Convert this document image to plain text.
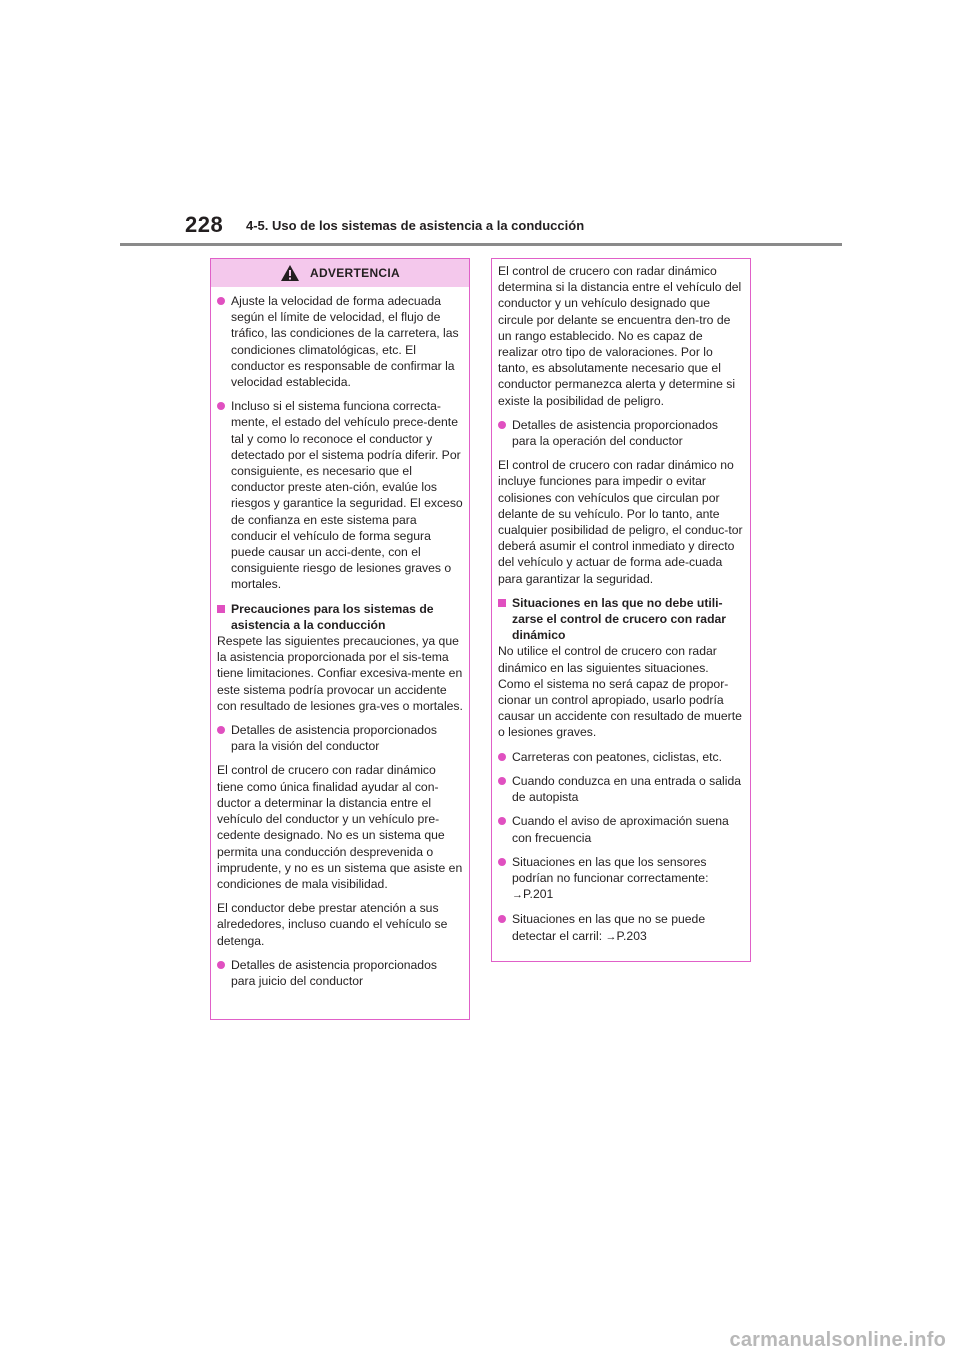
228 4-5. Uso de los sistemas de asistencia a la conducción
ADVERTENCIA
Ajuste la velocidad de forma adecuada según el límite de velocidad, el flujo de tráfico, las condiciones de la carretera, las condiciones climatológicas, etc. El conductor es responsable de confirmar la velocidad establecida.
Incluso si el sistema funciona correcta-mente, el estado del vehículo prece-dente tal y como lo reconoce el conductor y detectado por el sistema podría diferir. Por consiguiente, es necesario que el conductor preste aten-ción, evalúe los riesgos y garantice la seguridad. El exceso de confianza en este sistema para conducir el vehículo de forma segura puede causar un acci-dente, con el consiguiente riesgo de lesiones graves o mortales.
Precauciones para los sistemas de asistencia a la conducción
Respete las siguientes precauciones, ya que la asistencia proporcionada por el sis-tema tiene limitaciones. Confiar excesiva-mente en este sistema podría provocar un accidente con resultado de lesiones gra-ves o mortales.
Detalles de asistencia proporcionados para la visión del conductor
El control de crucero con radar dinámico tiene como única finalidad ayudar al con-ductor a determinar la distancia entre el vehículo del conductor y un vehículo pre-cedente designado. No es un sistema que permita una conducción desprevenida o imprudente, y no es un sistema que asiste en condiciones de mala visibilidad.
El conductor debe prestar atención a sus alrededores, incluso cuando el vehículo se detenga.
Detalles de asistencia proporcionados para juicio del conductor
El control de crucero con radar dinámico determina si la distancia entre el vehículo del conductor y un vehículo designado que circule por delante se encuentra den-tro de un rango establecido. No es capaz de realizar otro tipo de valoraciones. Por lo tanto, es absolutamente necesario que el conductor permanezca alerta y determine si existe la posibilidad de peligro.
Detalles de asistencia proporcionados para la operación del conductor
El control de crucero con radar dinámico no incluye funciones para impedir o evitar colisiones con vehículos que circulan por delante de su vehículo. Por lo tanto, ante cualquier posibilidad de peligro, el conduc-tor deberá asumir el control inmediato y directo del vehículo y actuar de forma ade-cuada para garantizar la seguridad.
Situaciones en las que no debe utili-zarse el control de crucero con radar dinámico
No utilice el control de crucero con radar dinámico en las siguientes situaciones. Como el sistema no será capaz de propor-cionar un control apropiado, usarlo podría causar un accidente con resultado de muerte o lesiones graves.
Carreteras con peatones, ciclistas, etc.
Cuando conduzca en una entrada o salida de autopista
Cuando el aviso de aproximación suena con frecuencia
Situaciones en las que los sensores podrían no funcionar correctamente:
→P.201
Situaciones en las que no se puede detectar el carril: →P.203
carmanualsonline.info
